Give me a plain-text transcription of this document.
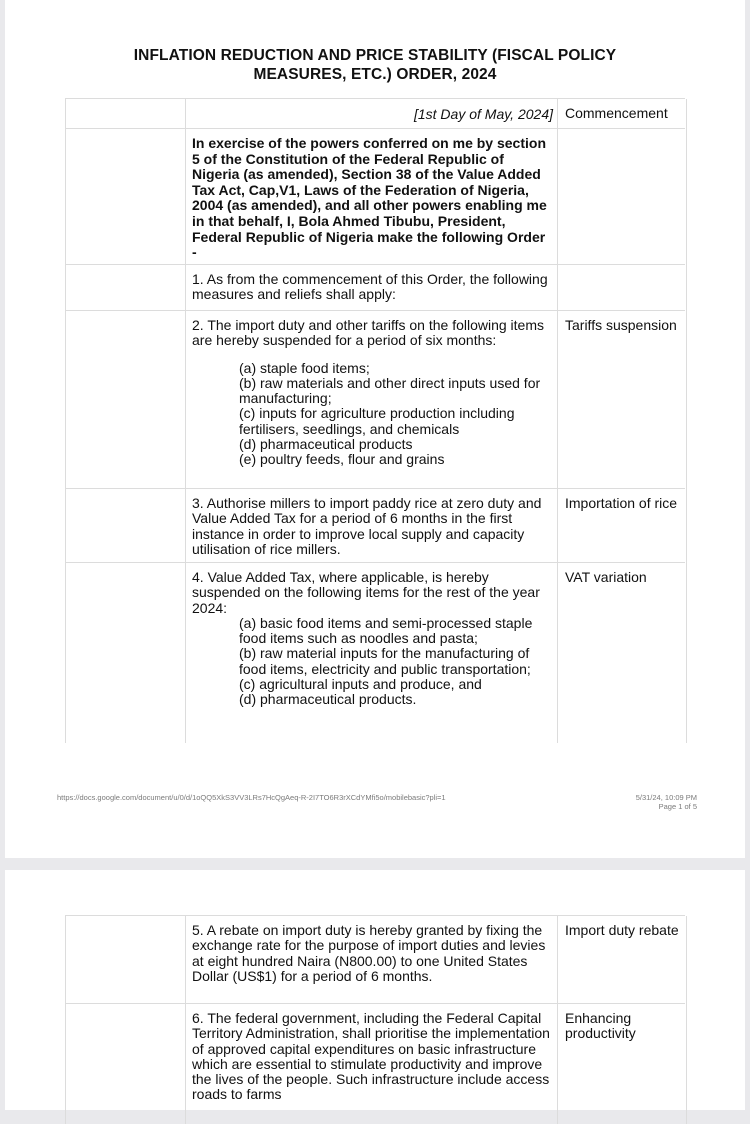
INFLATION REDUCTION AND PRICE STABILITY (FISCAL POLICY
MEASURES, ETC.) ORDER, 2024
[1st Day of May, 2024] Commencement
In exercise of the powers conferred on me by section 5 of the Constitution of the Federal Republic of Nigeria (as amended), Section 38 of the Value Added Tax Act, Cap,V1, Laws of the Federation of Nigeria, 2004 (as amended), and all other powers enabling me in that behalf, I, Bola Ahmed Tibubu, President, Federal Republic of Nigeria make the following Order -
1. As from the commencement of this Order, the following measures and reliefs shall apply:

2. The import duty and other tariffs on the following items are hereby suspended for a period of six months:

(a) staple food items;

(b) raw materials and other direct inputs used for manufacturing;

(c) inputs for agriculture production including fertilisers, seedlings, and chemicals

(d) pharmaceutical products

(e) poultry feeds, flour and grains

Tariffs suspension
3. Authorise millers to import paddy rice at zero duty and Value Added Tax for a period of 6 months in the first instance in order to improve local supply and capacity utilisation of rice millers.
Importation of rice

4. Value Added Tax, where applicable, is hereby suspended on the following items for the rest of the year 2024:

(a) basic food items and semi-processed staple food items such as noodles and pasta;

(b) raw material inputs for the manufacturing of food items, electricity and public transportation;

(c) agricultural inputs and produce, and

(d) pharmaceutical products.

VAT variation
https://docs.google.com/document/u/0/d/1oQQ5XkS3VV3LRs7HcQgAeq-R-2I7TO6R3rXCdYMfi5o/mobilebasic?pli=1	5/31/24, 10:09 PM
Page 1 of 5
5. A rebate on import duty is hereby granted by fixing the exchange rate for the purpose of import duties and levies at eight hundred Naira (N800.00) to one United States Dollar (US$1) for a period of 6 months.
Import duty rebate
6. The federal government, including the Federal Capital Territory Administration, shall prioritise the implementation of approved capital expenditures on basic infrastructure which are essential to stimulate productivity and improve the lives of the people. Such infrastructure include access roads to farms
Enhancing productivity
